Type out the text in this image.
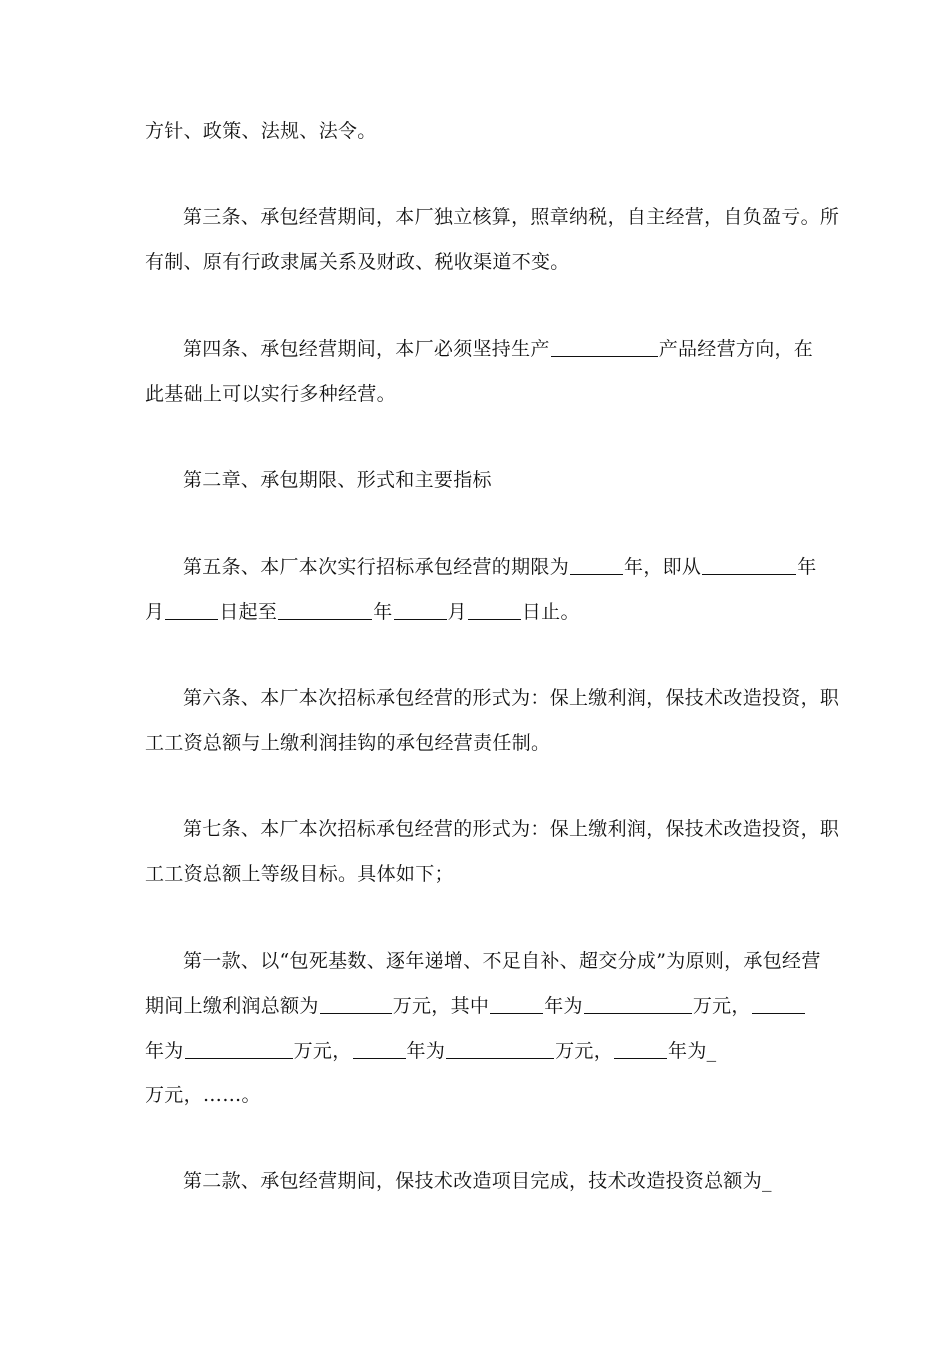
方针、政策、法规、法令。
第三条、承包经营期间，本厂独立核算，照章纳税，自主经营，自负盈亏。所
有制、原有行政隶属关系及财政、税收渠道不变。
第四条、承包经营期间，本厂必须坚持生产	产品经营方向，在
此基础上可以实行多种经营。
第二章、承包期限、形式和主要指标
第五条、本厂本次实行招标承包经营的期限为	年，即从	年
月	日起至	年	月	日止。
第六条、本厂本次招标承包经营的形式为：保上缴利润，保技术改造投资，职
工工资总额与上缴利润挂钩的承包经营责任制。
第七条、本厂本次招标承包经营的形式为：保上缴利润，保技术改造投资，职
工工资总额上等级目标。具体如下；
第一款、以“包死基数、逐年递增、不足自补、超交分成”为原则，承包经营
期间上缴利润总额为	万元，其中	年为	万元，
年为	万元，	年为	万元，	年为_
万元，……。
第二款、承包经营期间，保技术改造项目完成，技术改造投资总额为_
